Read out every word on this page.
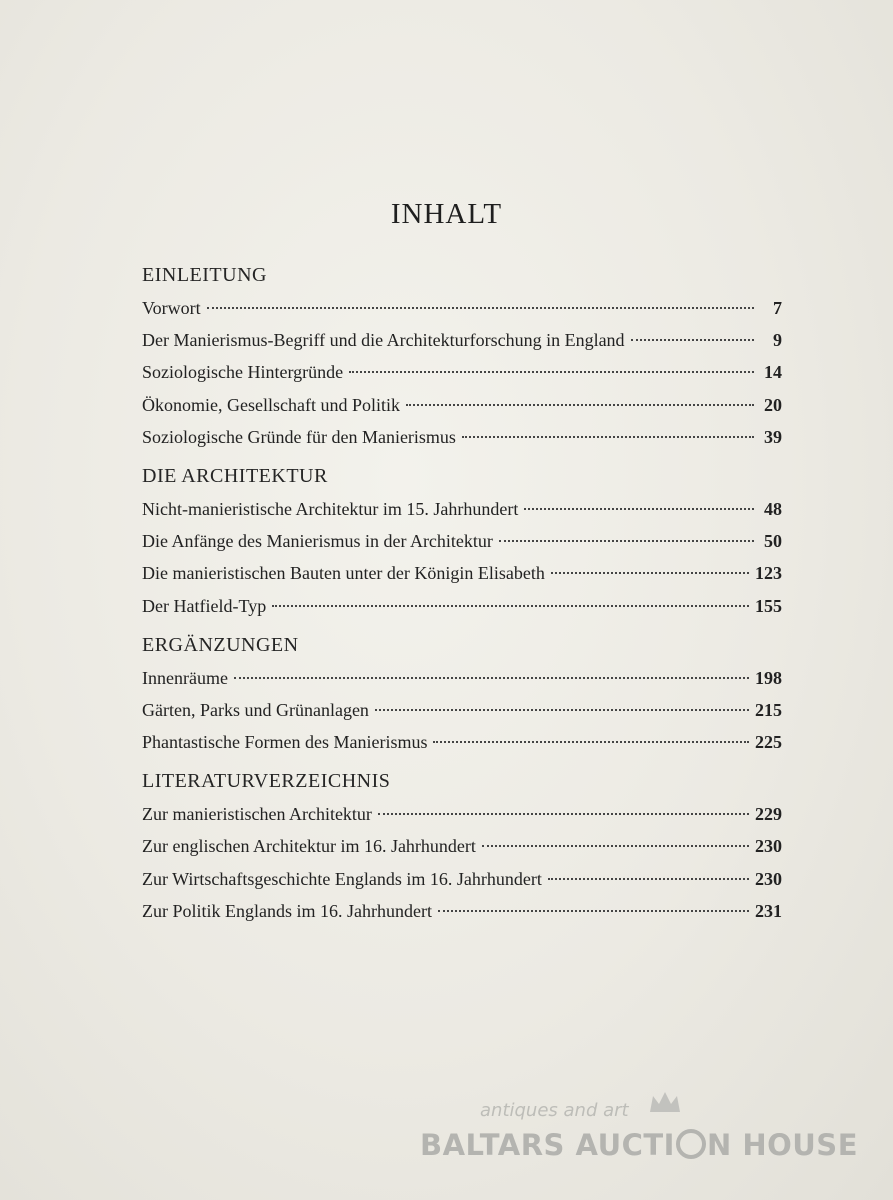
INHALT
EINLEITUNG
Vorwort	7
Der Manierismus-Begriff und die Architekturforschung in England	9
Soziologische Hintergründe	14
Ökonomie, Gesellschaft und Politik	20
Soziologische Gründe für den Manierismus	39
DIE ARCHITEKTUR
Nicht-manieristische Architektur im 15. Jahrhundert	48
Die Anfänge des Manierismus in der Architektur	50
Die manieristischen Bauten unter der Königin Elisabeth	123
Der Hatfield-Typ	155
ERGÄNZUNGEN
Innenräume	198
Gärten, Parks und Grünanlagen	215
Phantastische Formen des Manierismus	225
LITERATURVERZEICHNIS
Zur manieristischen Architektur	229
Zur englischen Architektur im 16. Jahrhundert	230
Zur Wirtschaftsgeschichte Englands im 16. Jahrhundert	230
Zur Politik Englands im 16. Jahrhundert	231
antiques and art
BALTARS AUCTI N HOUSE
